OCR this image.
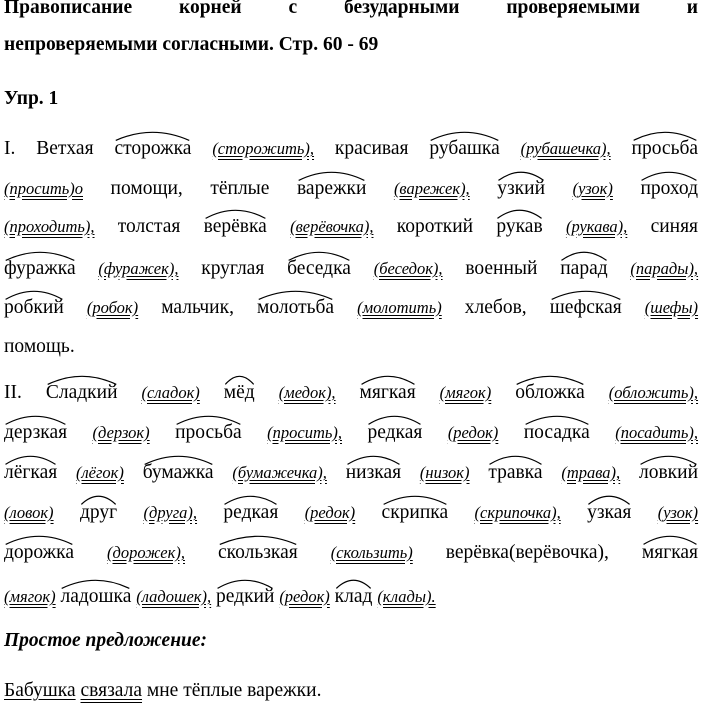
Правописание корней с безударными проверяемыми и
непроверяемыми согласными. Стр. 60 - 69
Упр. 1
I. Ветхая сторожка (сторожить), красивая рубашка (рубашечка), просьба
(просить)о помощи, тёплые варежки (варежек), узкий (узок) проход
(проходить), толстая верёвка (верёвочка), короткий рукав (рукава), синяя
фуражка (фуражек), круглая беседка (беседок), военный парад (парады),
робкий (робок) мальчик, молотьба (молотить) хлебов, шефская (шефы)
помощь.
II. Сладкий (сладок) мёд (медок), мягкая (мягок) обложка (обложить),
дерзкая (дерзок) просьба (просить), редкая (редок) посадка (посадить),
лёгкая (лёгок) бумажка (бумажечка), низкая (низок) травка (трава), ловкий
(ловок) друг (друга), редкая (редок) скрипка (скрипочка), узкая (узок)
дорожка (дорожек), скользкая (скользить) верёвка(верёвочка), мягкая
(мягок) ладошка (ладошек), редкий (редок) клад (клады).
Простое предложение:
Бабушка связала мне тёплые варежки.
